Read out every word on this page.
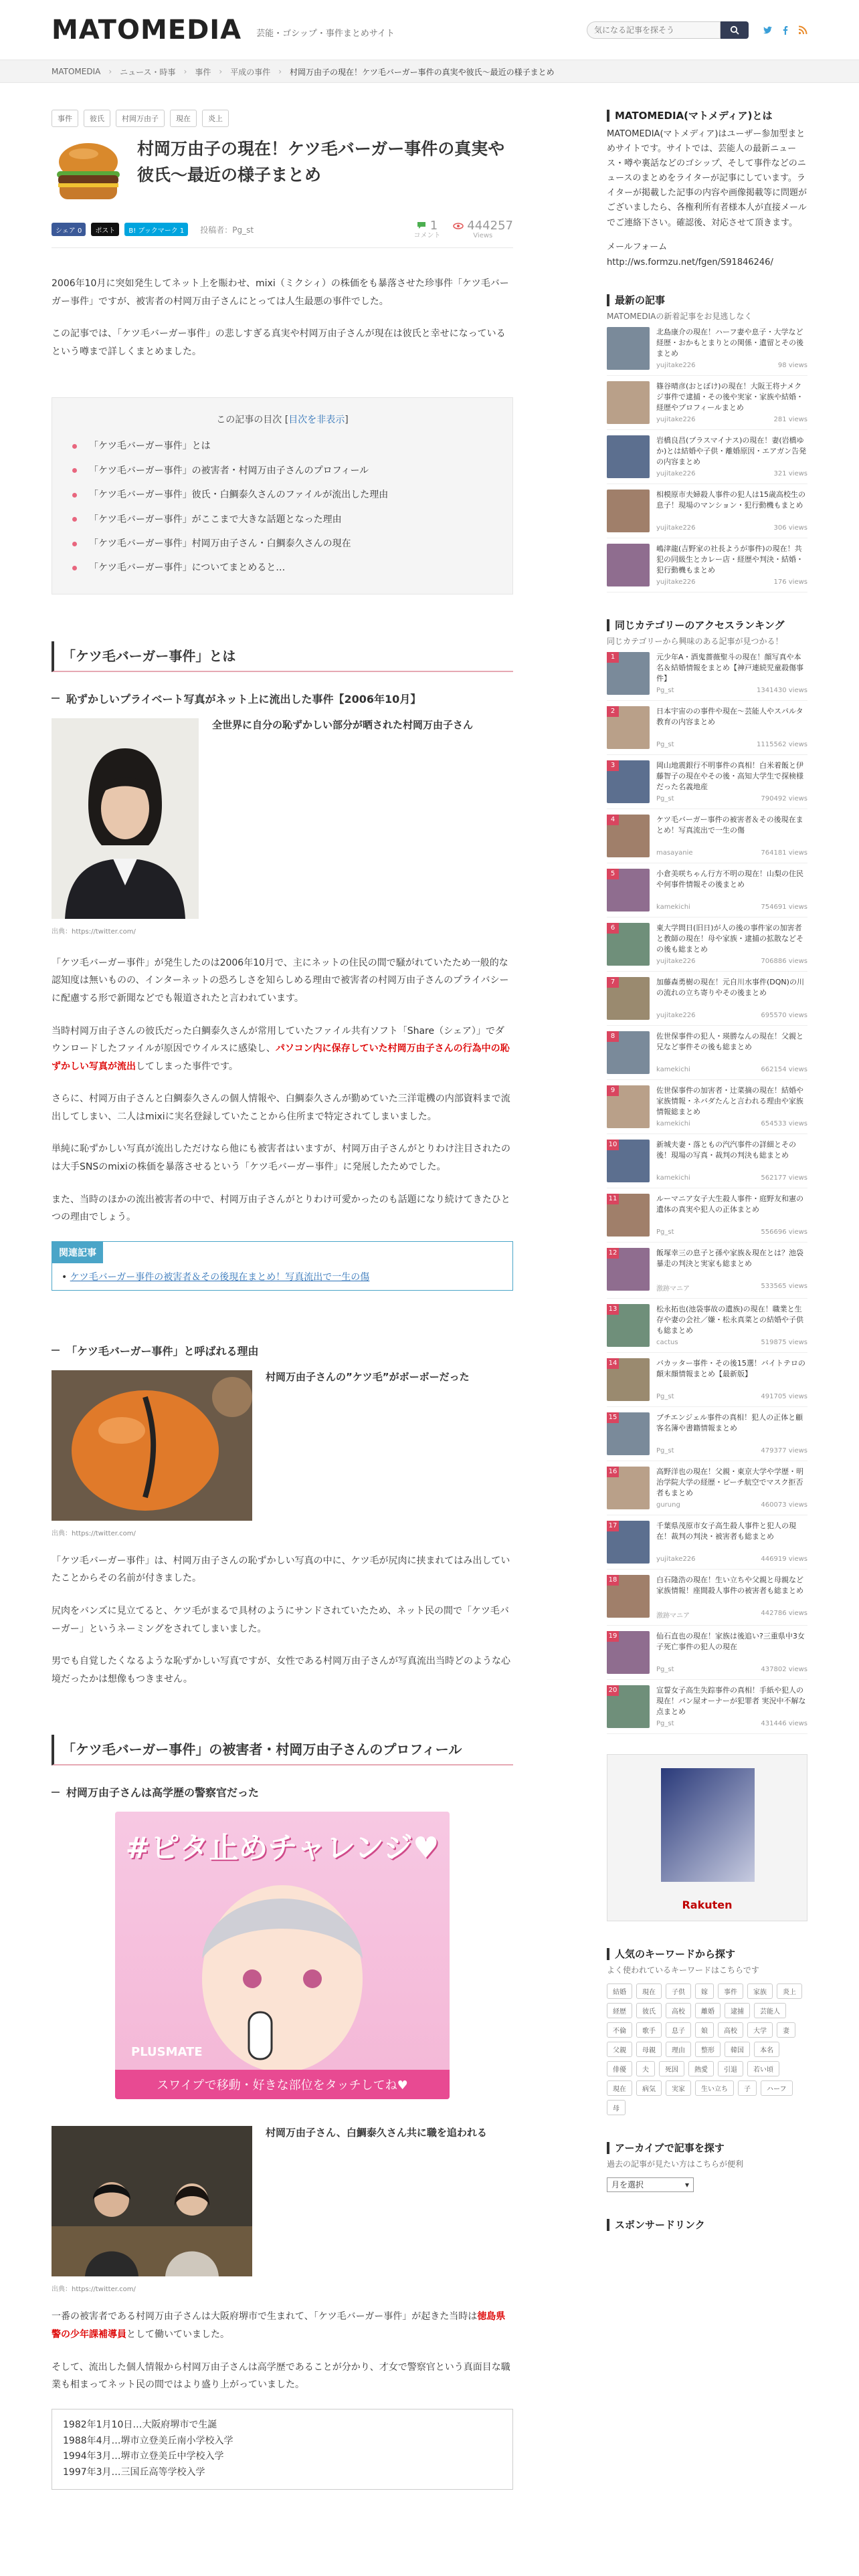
MATOMEDIA 芸能・ゴシップ・事件まとめサイト
気になる記事を探そう
MATOMEDIA › ニュース・時事 › 事件 › 平成の事件 › 村岡万由子の現在！ケツ毛バーガー事件の真実や彼氏〜最近の様子まとめ
事件	彼氏	村岡万由子	現在	炎上
村岡万由子の現在！ケツ毛バーガー事件の真実や彼氏〜最近の様子まとめ
シェア 0	ポスト	B! ブックマーク 1	投稿者：Pg_st	1
コメント
444257
Views

2006年10月に突如発生してネット上を賑わせ、mixi（ミクシィ）の株価をも暴落させた珍事件「ケツ毛バーガー事件」ですが、被害者の村岡万由子さんにとっては人生最悪の事件でした。

この記事では、「ケツ毛バーガー事件」の悲しすぎる真実や村岡万由子さんが現在は彼氏と幸せになっているという噂まで詳しくまとめました。

この記事の目次 [目次を非表示]
「ケツ毛バーガー事件」とは
「ケツ毛バーガー事件」の被害者・村岡万由子さんのプロフィール
「ケツ毛バーガー事件」彼氏・白鯛泰久さんのファイルが流出した理由
「ケツ毛バーガー事件」がここまで大きな話題となった理由
「ケツ毛バーガー事件」村岡万由子さん・白鯛泰久さんの現在
「ケツ毛バーガー事件」についてまとめると…
「ケツ毛バーガー事件」とは
恥ずかしいプライベート写真がネット上に流出した事件【2006年10月】
出典：https://twitter.com/
全世界に自分の恥ずかしい部分が晒された村岡万由子さん

「ケツ毛バーガー事件」が発生したのは2006年10月で、主にネットの住民の間で騒がれていたため一般的な認知度は無いものの、インターネットの恐ろしさを知らしめる理由で被害者の村岡万由子さんのプライバシーに配慮する形で新聞などでも報道されたと言われています。

当時村岡万由子さんの彼氏だった白鯛泰久さんが常用していたファイル共有ソフト「Share（シェア）」でダウンロードしたファイルが原因でウイルスに感染し、パソコン内に保存していた村岡万由子さんの行為中の恥ずかしい写真が流出してしまった事件です。

さらに、村岡万由子さんと白鯛泰久さんの個人情報や、白鯛泰久さんが勤めていた三洋電機の内部資料まで流出してしまい、二人はmixiに実名登録していたことから住所まで特定されてしまいました。

単純に恥ずかしい写真が流出しただけなら他にも被害者はいますが、村岡万由子さんがとりわけ注目されたのは大手SNSのmixiの株価を暴落させるという「ケツ毛バーガー事件」に発展したためでした。

また、当時のほかの流出被害者の中で、村岡万由子さんがとりわけ可愛かったのも話題になり続けてきたひとつの理由でしょう。

関連記事
• ケツ毛バーガー事件の被害者＆その後現在まとめ！写真流出で一生の傷
「ケツ毛バーガー事件」と呼ばれる理由
出典：https://twitter.com/
村岡万由子さんの”ケツ毛”がボーボーだった

「ケツ毛バーガー事件」は、村岡万由子さんの恥ずかしい写真の中に、ケツ毛が尻肉に挟まれてはみ出していたことからその名前が付きました。

尻肉をバンズに見立てると、ケツ毛がまるで具材のようにサンドされていたため、ネット民の間で「ケツ毛バーガー」というネーミングをされてしまいました。

男でも自覚したくなるような恥ずかしい写真ですが、女性である村岡万由子さんが写真流出当時どのような心境だったかは想像もつきません。

「ケツ毛バーガー事件」の被害者・村岡万由子さんのプロフィール
村岡万由子さんは高学歴の警察官だった
#ピタ止めチャレンジ♥
PLUSMATE
スワイプで移動・好きな部位をタッチしてね♥
出典：https://twitter.com/
村岡万由子さん、白鯛泰久さん共に職を追われる

一番の被害者である村岡万由子さんは大阪府堺市で生まれて、「ケツ毛バーガー事件」が起きた当時は徳島県警の少年課補導員として働いていました。

そして、流出した個人情報から村岡万由子さんは高学歴であることが分かり、才女で警察官という真面目な職業も相まってネット民の間ではより盛り上がっていました。

1982年1月10日…大阪府堺市で生誕
1988年4月…堺市立登美丘南小学校入学
1994年3月…堺市立登美丘中学校入学
1997年3月…三国丘高等学校入学
MATOMEDIA(マトメディア)とは
MATOMEDIA(マトメディア)はユーザー参加型まとめサイトです。サイトでは、芸能人の最新ニュース・噂や裏話などのゴシップ、そして事件などのニュースのまとめをライターが記事にしています。ライターが掲載した記事の内容や画像掲載等に問題がございましたら、各権利所有者様本人が直接メールでご連絡下さい。確認後、対応させて頂きます。
メールフォーム
http://ws.formzu.net/fgen/S91846246/
最新の記事
MATOMEDIAの新着記事をお見逃しなく
北島康介の現在！ハーフ妻や息子・大学など経歴・おかもとまりとの関係・遺留とその後まとめ
yujitake226	98 views
篠谷晴彦(おとぼけ)の現在！大阪王将ナメクジ事件で逮捕・その後や実家・家族や結婚・経歴やプロフィールまとめ
yujitake226	281 views
岩橋良昌(プラスマイナス)の現在！妻(岩橋ゆか)とは結婚や子供・離婚原因・エアガン告発の内容まとめ
yujitake226	321 views
相模原市夫婦殺人事件の犯人は15歳高校生の息子！現場のマンション・犯行動機もまとめ
yujitake226	306 views
嶋津龍(吉野家の社長ようが事件)の現在！共犯の同級生とカレー店・経歴や判決・結婚・犯行動機もまとめ
yujitake226	176 views
同じカテゴリーのアクセスランキング
同じカテゴリーから興味のある記事が見つかる！
1	元少年A・酒鬼薔薇聖斗の現在！顔写真や本名＆結婚情報をまとめ【神戸連続児童殺傷事件】
Pg_st	1341430 views
2	日本宇宙のの事件や現在〜芸能人やスパルタ教育の内容まとめ
Pg_st	1115562 views
3	岡山地震銀行不明事件の真相！白米着飯と伊藤智子の現在やその後・高知大学生で探検様だった名義地産
Pg_st	790492 views
4	ケツ毛バーガー事件の被害者＆その後現在まとめ！写真流出で一生の傷
masayanie	764181 views
5	小倉美咲ちゃん行方不明の現在！山梨の住民や何事件情報その後まとめ
kamekichi	754691 views
6	東大学問日(旧日)が人の後の事件家の加害者と教師の現在！母や家族・逮捕の拡散などその後も総まとめ
yujitake226	706886 views
7	加藤森勇樹の現在！元自川水事件(DQN)の川の流れの立ち寄りやその後まとめ
yujitake226	695570 views
8	佐世保事件の犯人・瑛勝なんの現在！父親と兄など事件その後も総まとめ
kamekichi	662154 views
9	佐世保事件の加害者・辻菜摘の現在！結婚や家族情報・ネバダたんと言われる理由や家族情報総まとめ
kamekichi	654533 views
10	新城夫妻・落ともの汽汽事件の詳細とその後！現場の写真・裁判の判決も総まとめ
kamekichi	562177 views
11	ルーマニア女子大生殺人事件・庭野友和憲の遺体の真実や犯人の正体まとめ
Pg_st	556696 views
12	飯塚幸三の息子と孫や家族＆現在とは？池袋暴走の判決と実家も総まとめ
激跡マニア	533565 views
13	松永拓也(池袋事故の遺族)の現在！職業と生存や妻の会社／嫌・松永真菜との結婚や子供も総まとめ
cactus	519875 views
14	バカッター事件・その後15選！バイトテロの顛末顔情報まとめ【最新版】
Pg_st	491705 views
15	ブチエンジェル事件の真相！犯人の正体と顧客名簿や書籍情報まとめ
Pg_st	479377 views
16	高野洋也の現在！父親・東京大学や学歴・明治学院大学の経歴・ピーチ航空でマスク拒否者もまとめ
gurung	460073 views
17	千葉県茂原市女子高生殺人事件と犯人の現在！裁判の判決・被害者も総まとめ
yujitake226	446919 views
18	白石隆浩の現在！生い立ちや父親と母親など家族情報！座間殺人事件の被害者も総まとめ
激跡マニア	442786 views
19	仙石直也の現在！家族は後追い?三重県中3女子死亡事件の犯人の現在
Pg_st	437802 views
20	宣誓女子高生失踪事件の真相！手紙や犯人の現在！パン屋オーナーが犯罪者 実況中不解な点まとめ
Pg_st	431446 views
Rakuten
人気のキーワードから探す
よく使われているキーワードはこちらです
結婚	現在	子供	嫁	事件	家族	炎上
経歴	彼氏	高校	離婚	逮捕	芸能人
不倫	歌手	息子	娘	高校	大学	妻
父親	母親	理由	整形	韓国	本名
俳優	夫	死因	熱愛	引退	若い頃
現在	病気	実家	生い立ち	子	ハーフ
母
アーカイブで記事を探す
過去の記事が見たい方はこちらが便利
月を選択	▾
スポンサードリンク
